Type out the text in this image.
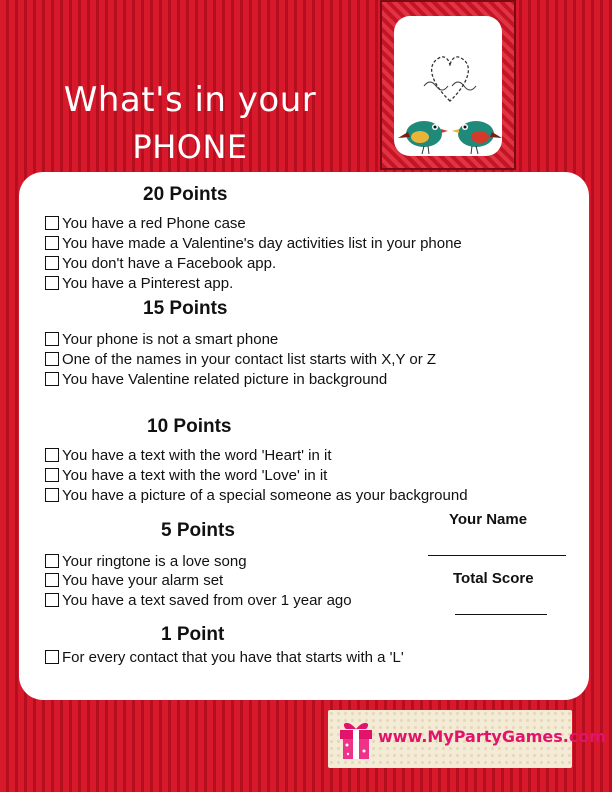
What's in your
PHONE
20 Points
You have a red Phone case
You have made a Valentine's day activities list in your phone
You don't have a Facebook app.
You have a Pinterest app.
15 Points
Your phone is not a smart phone
One of the names in your contact list starts with X,Y or Z
You have Valentine related picture in background
10 Points
You have a text with the word 'Heart' in it
You have a text with the word 'Love' in it
You have a picture of a special someone as your background
5 Points
Your ringtone is a love song
You have your alarm set
You have a text saved from over 1 year ago
1 Point
For every contact that you have that starts with a 'L'
Your Name
Total Score
www.MyPartyGames.com
